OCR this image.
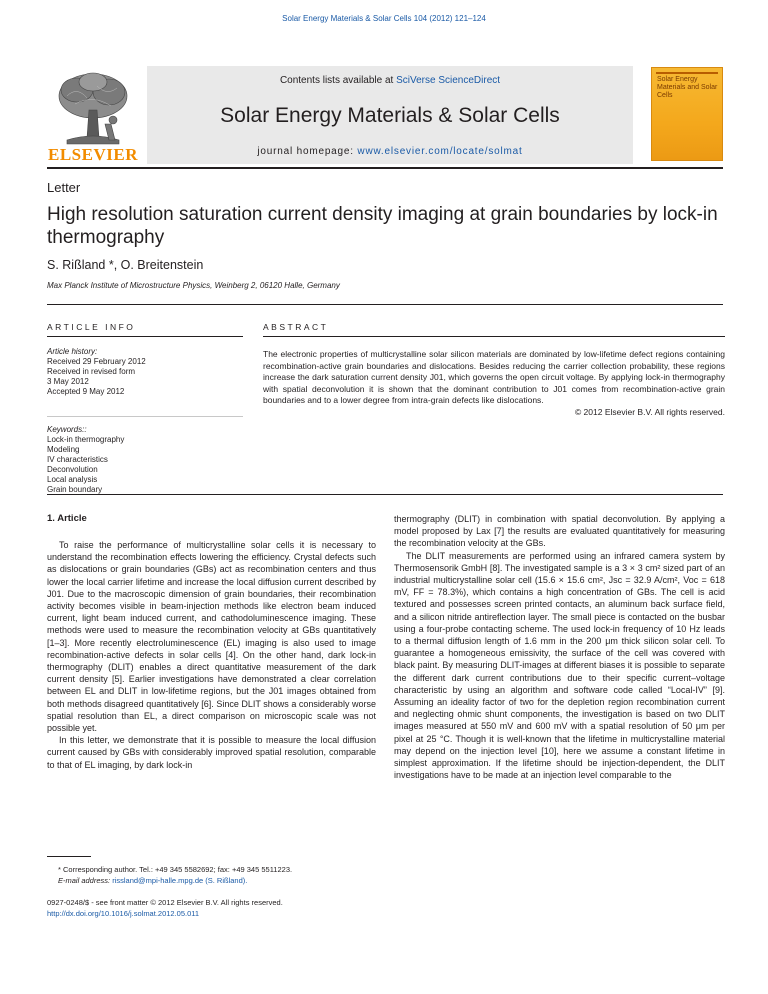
Solar Energy Materials & Solar Cells 104 (2012) 121–124
Contents lists available at SciVerse ScienceDirect
Solar Energy Materials & Solar Cells
journal homepage: www.elsevier.com/locate/solmat
ELSEVIER
Solar Energy Materials and Solar Cells
Letter
High resolution saturation current density imaging at grain boundaries by lock-in thermography
S. Rißland *, O. Breitenstein
Max Planck Institute of Microstructure Physics, Weinberg 2, 06120 Halle, Germany
ARTICLE INFO
Article history:
Received 29 February 2012
Received in revised form
3 May 2012
Accepted 9 May 2012
Keywords::
Lock-in thermography
Modeling
IV characteristics
Deconvolution
Local analysis
Grain boundary
ABSTRACT
The electronic properties of multicrystalline solar silicon materials are dominated by low-lifetime defect regions containing recombination-active grain boundaries and dislocations. Besides reducing the carrier collection probability, these regions increase the dark saturation current density J01, which governs the open circuit voltage. By applying lock-in thermography with spatial deconvolution it is shown that the dominant contribution to J01 comes from recombination-active grain boundaries and to a lower degree from intra-grain defects like dislocations.
© 2012 Elsevier B.V. All rights reserved.
1. Article

To raise the performance of multicrystalline solar cells it is necessary to understand the recombination effects lowering the efficiency. Crystal defects such as dislocations or grain boundaries (GBs) act as recombination centers and thus lower the local carrier lifetime and increase the local diffusion current described by J01. Due to the macroscopic dimension of grain boundaries, their recombination activity becomes visible in beam-injection methods like electron beam induced current, light beam induced current, and cathodoluminescence imaging. These methods were used to measure the recombination velocity at GBs quantitatively [1–3]. More recently electroluminescence (EL) imaging is also used to image recombination-active defects in solar cells [4]. On the other hand, dark lock-in thermography (DLIT) enables a direct quantitative measurement of the dark current density [5]. Earlier investigations have demonstrated a clear correlation between EL and DLIT in low-lifetime regions, but the J01 images obtained from both methods disagreed quantitatively [6]. Since DLIT shows a considerably worse spatial resolution than EL, a direct comparison on microscopic scale was not possible yet.

In this letter, we demonstrate that it is possible to measure the local diffusion current caused by GBs with considerably improved spatial resolution, comparable to that of EL imaging, by dark lock-in

thermography (DLIT) in combination with spatial deconvolution. By applying a model proposed by Lax [7] the results are evaluated quantitatively for measuring the recombination velocity at the GBs.

The DLIT measurements are performed using an infrared camera system by Thermosensorik GmbH [8]. The investigated sample is a 3 × 3 cm² sized part of an industrial multicrystalline solar cell (15.6 × 15.6 cm², Jsc = 32.9 A/cm², Voc = 618 mV, FF = 78.3%), which contains a high concentration of GBs. The cell is acid textured and possesses screen printed contacts, an aluminum back surface field, and a silicon nitride antireflection layer. The small piece is contacted on the busbar using a four-probe contacting scheme. The used lock-in frequency of 10 Hz leads to a thermal diffusion length of 1.6 mm in the 200 μm thick silicon solar cell. To guarantee a homogeneous emissivity, the surface of the cell was covered with black paint. By measuring DLIT-images at different biases it is possible to separate the different dark current contributions due to their specific current–voltage characteristic by using an algorithm and software code called “Local-IV” [9]. Assuming an ideality factor of two for the depletion region recombination current and neglecting ohmic shunt components, the investigation is based on two DLIT images measured at 550 mV and 600 mV with a spatial resolution of 50 μm per pixel at 25 °C. Though it is well-known that the lifetime in multicrystalline material may depend on the injection level [10], here we assume a constant lifetime in simplest approximation. If the lifetime should be injection-dependent, the DLIT investigations have to be made at an injection level comparable to the

* Corresponding author. Tel.: +49 345 5582692; fax: +49 345 5511223.
E-mail address: rissland@mpi-halle.mpg.de (S. Rißland).
0927-0248/$ - see front matter © 2012 Elsevier B.V. All rights reserved.
http://dx.doi.org/10.1016/j.solmat.2012.05.011
